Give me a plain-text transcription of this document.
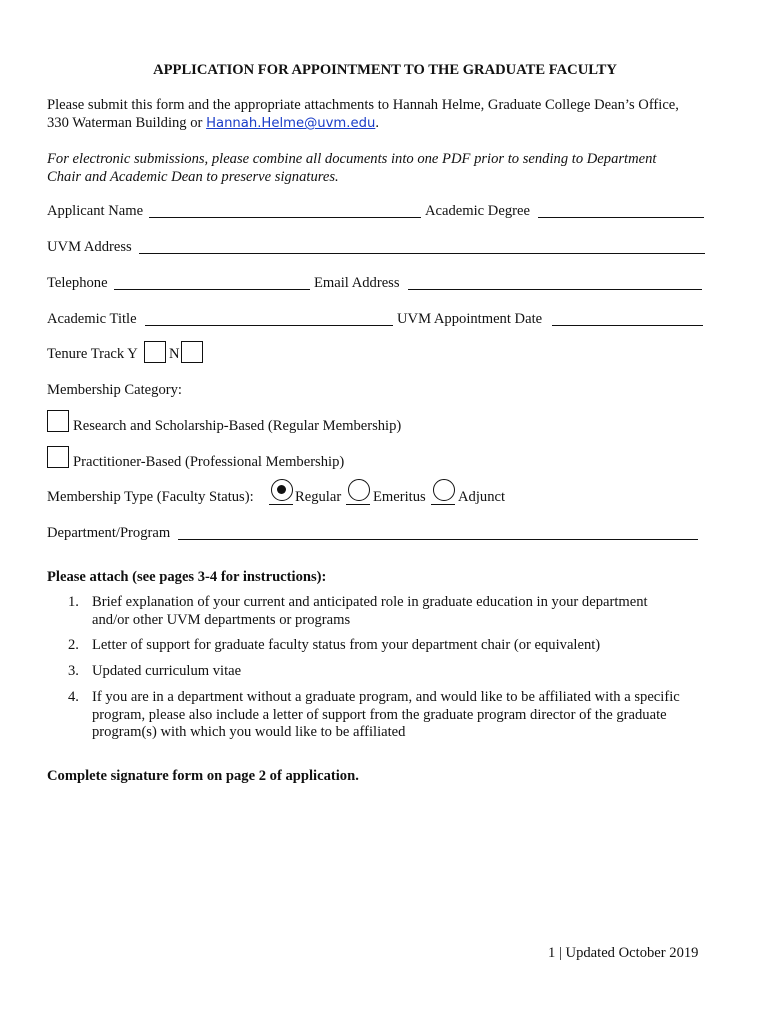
APPLICATION FOR APPOINTMENT TO THE GRADUATE FACULTY
Please submit this form and the appropriate attachments to Hannah Helme, Graduate College Dean’s Office,
330 Waterman Building or Hannah.Helme@uvm.edu.
For electronic submissions, please combine all documents into one PDF prior to sending to Department
Chair and Academic Dean to preserve signatures.
Applicant Name	Academic Degree
UVM Address
Telephone	Email Address
Academic Title	UVM Appointment Date
Tenure Track Y N
Membership Category:
Research and Scholarship-Based (Regular Membership)
Practitioner-Based (Professional Membership)
Membership Type (Faculty Status):	Regular Emeritus Adjunct
Department/Program
Please attach (see pages 3-4 for instructions):
1. Brief explanation of your current and anticipated role in graduate education in your department
and/or other UVM departments or programs
2. Letter of support for graduate faculty status from your department chair (or equivalent)
3. Updated curriculum vitae
4. If you are in a department without a graduate program, and would like to be affiliated with a specific
program, please also include a letter of support from the graduate program director of the graduate
program(s) with which you would like to be affiliated
Complete signature form on page 2 of application.
1 | Updated October 2019
